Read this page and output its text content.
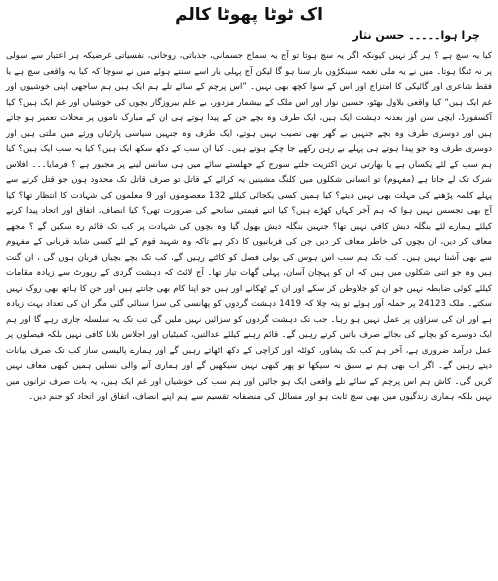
اک ٹوٹا پھوٹا کالم
چرا ہوا۔۔۔۔۔ حسن نثار

کیا یہ سچ ہے ؟ ہر گز نہیں کیونکہ اگر یہ سچ ہوتا تو آج یہ سماج جسمانی، جذباتی، روحانی، نفسیاتی غرضیکہ ہر اعتبار سے سولی پر نہ ٹنگا ہوتا۔ میں نے یہ ملی نغمہ سینکڑوں بار سنا ہو گا لیکن آج پہلی بار اسے سنتے ہوئے میں نے سوچا کہ کیا یہ واقعی سچ ہے یا فقط شاعری اور گائیکی کا امتزاج اور اس کے سوا کچھ بھی نہیں۔ ”اس پرچم کے سائے تلے ہم ایک ہیں ہم ساجھی اپنی خوشیوں اور غم ایک ہیں“ کیا واقعی بلاول بھٹو، حسین نواز اور اس ملک کے بیشمار مزدور، بے علم بیروزگار بچوں کی خوشیاں اور غم ایک ہیں؟ کیا آکسفورڈ، ایچی سن اور بعدنہ دہشت ایک ہیں، ایک طرف وہ بچے جن کے پیدا ہوتے ہی ان کے مبارک ناموں پر محلات تعمیر ہو جاتے ہیں اور دوسری طرف وہ بچے جنہیں بے گھر بھی نصیب نہیں ہوتے، ایک طرف وہ جنہیں سیاسی پارٹیاں ورثے میں ملتی ہیں اور دوسری طرف وہ جو پیدا ہوتے ہی پہلے بے رہن رکھے جا چکے ہوتے ہیں۔ کیا ان سب کے دکھ سکھ ایک ہیں؟ کیا یہ سب ایک ہیں؟ کیا ہم سب کے لئے یکساں ہے یا بھارتی ترین اکثریت جلتے سورج کے جھلستے سائے میں ہی سانس لینے پر مجبور ہے ؟ فرمایا۔۔۔ افلاس شرک تک لے جاتا ہے (مفہوم) تو انسانی شکلوں میں کلنگ مشینیں یہ کرائے کے قاتل تو صرف قاتل تک محدود ہوں جو قتل کرنے سے پہلے کلمہ پڑھنے کی مہلت بھی نہیں دیتے؟ کیا ہمیں کسی یکجائی کیلئے 132 معصوموں اور 9 معلموں کی شہادت کا انتظار تھا؟ کیا آج بھی تجسس نہیں ہوا کہ ہم آخر کہاں کھڑے ہیں؟ کیا اتنے قیمتی سانحے کی ضرورت تھی؟ کیا انصاف، اتفاق اور اتحاد پیدا کرنے کیلئے ہمارے لئے بنگلہ دیش کافی نہیں تھا؟ جنہیں بنگلہ دیش بھول گیا وہ بچوں کی شہادت پر کب تک قائم رہ سکیں گے ؟ مجھے معاف کر دیں، ان بچوں کی خاطر معاف کر دیں جن کی قربانیوں کا ذکر ہے تاکہ وہ شہید قوم کے لئے کسی شاید قربانی کے مفہوم سے بھی آشنا نہیں ہیں۔ کب تک ہم سب اس ہوس کی بولی فصل کو کاٹتے رہیں گے، کب تک بچے بچیاں قربان ہوں گی ، ان گنت ہیں وہ جو اتنی شکلوں میں ہیں کہ ان کو پہچان آسان، پہلی گھات تیار تھا۔ آج لائٹ کہ دہشت گردی کے رپورٹ سے زیادہ مقامات کیلئے کوئی ضابطہ نہیں جو ان کو جلاوطن کر سکے اور ان کے ٹھکانے اور ہیں جو اپنا کام بھی جانتے ہیں اور جن کا ہاتھ بھی روک نہیں سکتے۔ ملک 24123 پر حملہ آور ہوئے تو پتہ چلا کہ 1419 دہشت گردوں کو پھانسی کی سزا سنائی گئی مگر ان کی تعداد بہت زیادہ ہے اور ان کی سزاؤں پر عمل نہیں ہو رہا۔ جب تک دہشت گردوں کو سزائیں نہیں ملیں گی تب تک یہ سلسلہ جاری رہے گا اور ہم ایک دوسرے کو بچانے کی بجائے صرف باتیں کرتے رہیں گے۔ قائم رہنے کیلئے عدالتیں، کمیٹیاں اور اجلاس بلانا کافی نہیں بلکہ فیصلوں پر عمل درآمد ضروری ہے، آخر ہم کب تک پشاور، کوئٹہ اور کراچی کے دکھ اٹھاتے رہیں گے اور ہمارے پالیسی ساز کب تک صرف بیانات دیتے رہیں گے۔ اگر اب بھی ہم نے سبق نہ سیکھا تو پھر کبھی نہیں سیکھیں گے اور ہماری آنے والی نسلیں ہمیں کبھی معاف نہیں کریں گی۔ کاش ہم اس پرچم کے سائے تلے واقعی ایک ہو جائیں اور ہم سب کی خوشیاں اور غم ایک ہیں، یہ بات صرف ترانوں میں نہیں بلکہ ہماری زندگیوں میں بھی سچ ثابت ہو اور مسائل کی منصفانہ تقسیم سے ہم اپنے انصاف، اتفاق اور اتحاد کو جنم دیں۔
